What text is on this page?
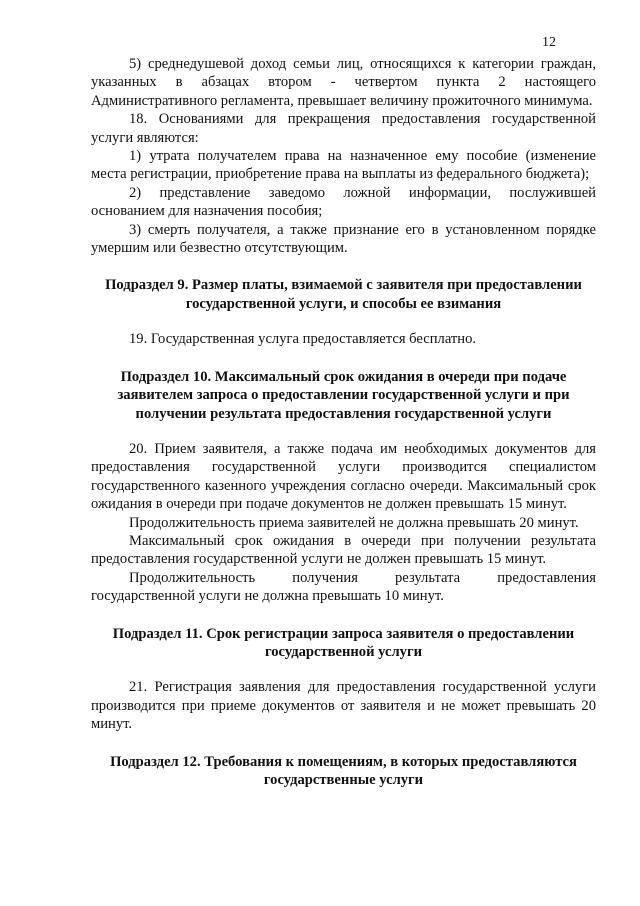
12

5) среднедушевой доход семьи лиц, относящихся к категории граждан, указанных в абзацах втором - четвертом пункта 2 настоящего Административного регламента, превышает величину прожиточного минимума.

18. Основаниями для прекращения предоставления государственной услуги являются:

1) утрата получателем права на назначенное ему пособие (изменение места регистрации, приобретение права на выплаты из федерального бюджета);

2) представление заведомо ложной информации, послужившей основанием для назначения пособия;

3) смерть получателя, а также признание его в установленном порядке умершим или безвестно отсутствующим.

Подраздел 9. Размер платы, взимаемой с заявителя при предоставлении государственной услуги, и способы ее взимания

19. Государственная услуга предоставляется бесплатно.

Подраздел 10. Максимальный срок ожидания в очереди при подаче заявителем запроса о предоставлении государственной услуги и при получении результата предоставления государственной услуги

20. Прием заявителя, а также подача им необходимых документов для предоставления государственной услуги производится специалистом государственного казенного учреждения согласно очереди. Максимальный срок ожидания в очереди при подаче документов не должен превышать 15 минут.

Продолжительность приема заявителей не должна превышать 20 минут.

Максимальный срок ожидания в очереди при получении результата предоставления государственной услуги не должен превышать 15 минут.

Продолжительность получения результата предоставления государственной услуги не должна превышать 10 минут.

Подраздел 11. Срок регистрации запроса заявителя о предоставлении государственной услуги

21. Регистрация заявления для предоставления государственной услуги производится при приеме документов от заявителя и не может превышать 20 минут.

Подраздел 12. Требования к помещениям, в которых предоставляются государственные услуги
